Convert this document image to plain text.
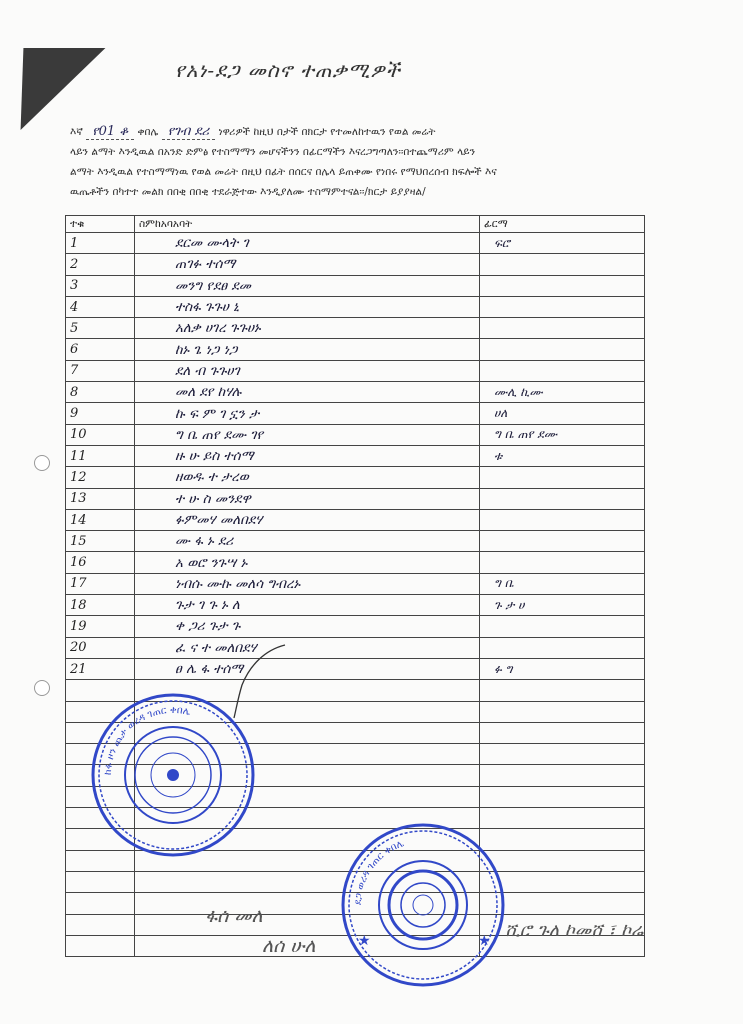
የአነ-ደጋ መስኖ ተጠቃሚዎች
እኛ የ01 ቆ ቀበሌ የገብ ደሪ ነዋሪዎች ከዚህ በታች በክርታ የተመለከተዉን የወል መሬት
ላይን ልማት እንዲዉል በአንድ ድምፅ የተስማማን መሆናችንን በፊርማችን እናረጋግጣለን፡፡በተጨማሪም ላይን
ልማት እንዲዉል የተስማማነዉ የወል መሬት በዚህ በፊት በሰርና በሌላ ይጠቀሙ የነበሩ የማህበረሰብ ክፍሎች እና
ዉጤቶችን በካተተ መልክ በበቂ በበቂ ተደራጅተው እንዲያለሙ ተስማምተናል፡፡/ክርታ ይያያዛል/
ተቁ	ስምከአባአባት	ፊርማ
1	ደርመ ሙላት ገ	ፍሮ
2	ጠገፉ ተሰማ	
3	መንግ የደፀ ደመ	
4	ተስፋ ጉጉሀ ኒ	
5	አለቃ ሀገረ ጉጉሀኑ	
6	ከኑ ጌ ነጋ ነጋ	
7	ደለ ብ ጉጉሀገ	
8	መለ ደየ ከሃሉ	ሙሊ ኪሙ
9	ኩ ፍ ም ገ ኗን ታ	ሀለ
10	ግ ቤ ጠየ ደሙ ገየ	ግ ቤ ጠየ ደሙ
11	ዙ ሁ ይስ ተሰማ	ቱ
12	ዘወዱ ተ ታረወ	
13	ተ ሁ ስ መንደዋ	
14	ፉምመሃ መለበደሃ	
15	ሙ ፋ ኑ ደሪ	
16	አ ወሮ ንጉሣ ኑ	
17	ነብሱ ሙኩ መለሳ ግብረኑ	ግ ቤ
18	ጉታ ገ ጉ ኑ ለ	ጉ ታ ሀ
19	ቀ ጋሪ ጉታ ጉ	
20	ፈ ና ተ መለበደሃ	
21	ፀ ሌ ፋ ተሰማ	ፉ ግ

ከፋ ዞን ጨታ ወረዳ ገጠር ቀበሌ
★	★
ደጋ ወረዳ ገጠር ቀበሌ
ፋሰ መለ
ለሰ ሁለ
ሺሮ ጉለ ኮመሸ ፣ ኮሬ
